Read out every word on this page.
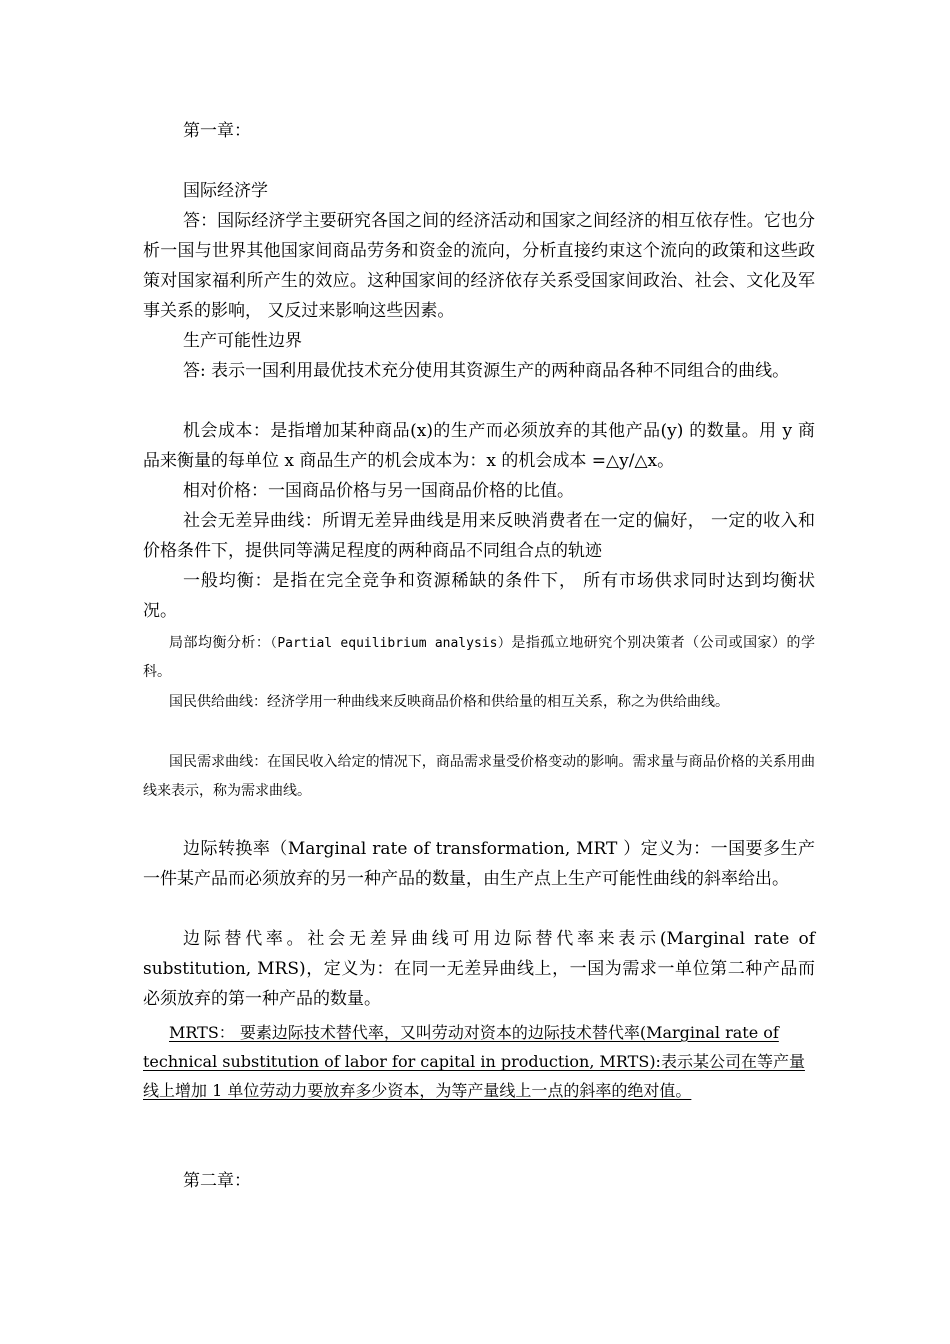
第一章：

国际经济学

答：国际经济学主要研究各国之间的经济活动和国家之间经济的相互依存性。它也分析一国与世界其他国家间商品劳务和资金的流向，分析直接约束这个流向的政策和这些政策对国家福利所产生的效应。这种国家间的经济依存关系受国家间政治、社会、文化及军事关系的影响， 又反过来影响这些因素。

生产可能性边界

答: 表示一国利用最优技术充分使用其资源生产的两种商品各种不同组合的曲线。

机会成本：是指增加某种商品(x)的生产而必须放弃的其他产品(y) 的数量。用 y 商品来衡量的每单位 x 商品生产的机会成本为：x 的机会成本 =△y/△x。

相对价格：一国商品价格与另一国商品价格的比值。

社会无差异曲线：所谓无差异曲线是用来反映消费者在一定的偏好， 一定的收入和价格条件下，提供同等满足程度的两种商品不同组合点的轨迹

一般均衡：是指在完全竞争和资源稀缺的条件下， 所有市场供求同时达到均衡状况。

局部均衡分析：（Partial equilibrium analysis）是指孤立地研究个别决策者（公司或国家）的学科。

国民供给曲线：经济学用一种曲线来反映商品价格和供给量的相互关系，称之为供给曲线。

国民需求曲线：在国民收入给定的情况下，商品需求量受价格变动的影响。需求量与商品价格的关系用曲线来表示，称为需求曲线。

边际转换率（Marginal rate of transformation, MRT ）定义为：一国要多生产一件某产品而必须放弃的另一种产品的数量，由生产点上生产可能性曲线的斜率给出。

边际替代率。社会无差异曲线可用边际替代率来表示(Marginal rate of substitution, MRS)，定义为：在同一无差异曲线上，一国为需求一单位第二种产品而必须放弃的第一种产品的数量。

MRTS： 要素边际技术替代率，又叫劳动对资本的边际技术替代率(Marginal rate of technical substitution of labor for capital in production, MRTS):表示某公司在等产量线上增加 1 单位劳动力要放弃多少资本，为等产量线上一点的斜率的绝对值。

第二章：
